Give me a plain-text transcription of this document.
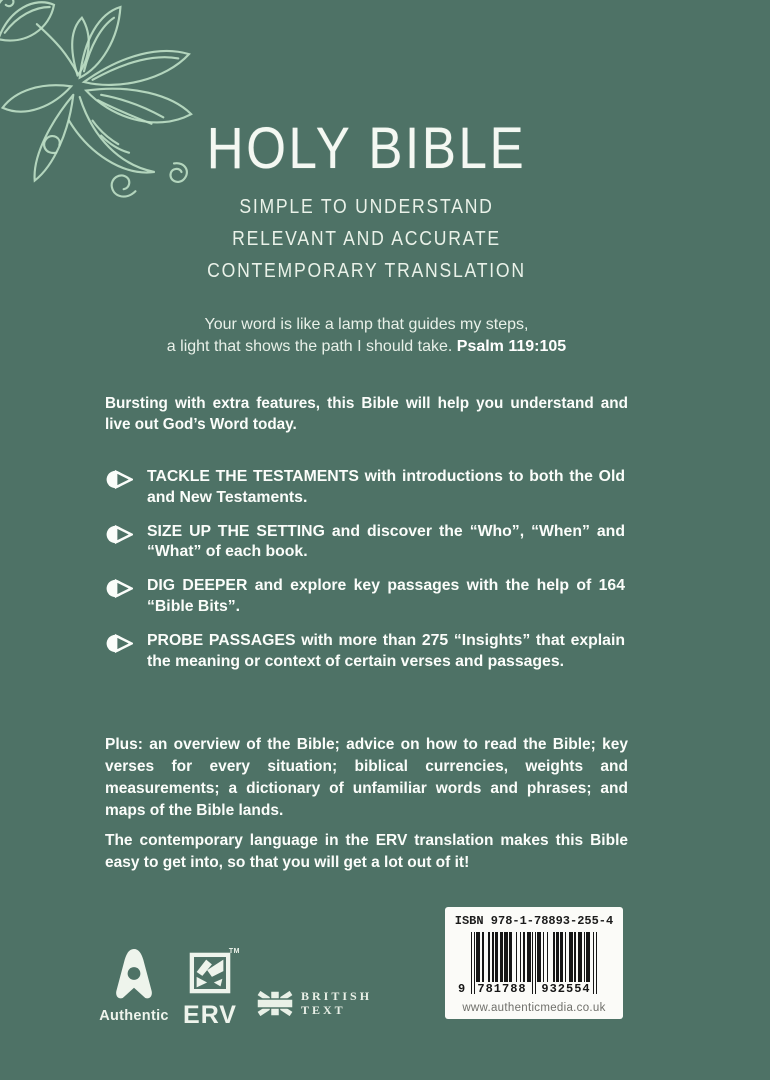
HOLY BIBLE
SIMPLE TO UNDERSTAND
RELEVANT AND ACCURATE
CONTEMPORARY TRANSLATION
Your word is like a lamp that guides my steps,
a light that shows the path I should take. Psalm 119:105
Bursting with extra features, this Bible will help you understand and live out God’s Word today.
TACKLE THE TESTAMENTS with introductions to both the Old and New Testaments.
SIZE UP THE SETTING and discover the “Who”, “When” and “What” of each book.
DIG DEEPER and explore key passages with the help of 164 “Bible Bits”.
PROBE PASSAGES with more than 275 “Insights” that explain the meaning or context of certain verses and passages.
Plus: an overview of the Bible; advice on how to read the Bible; key verses for every situation; biblical currencies, weights and measurements; a dictionary of unfamiliar words and phrases; and maps of the Bible lands.
The contemporary language in the ERV translation makes this Bible easy to get into, so that you will get a lot out of it!
Authentic
TM
ERV
BRITISH
TEXT
ISBN 978-1-78893-255-4
9 781788 932554
www.authenticmedia.co.uk
